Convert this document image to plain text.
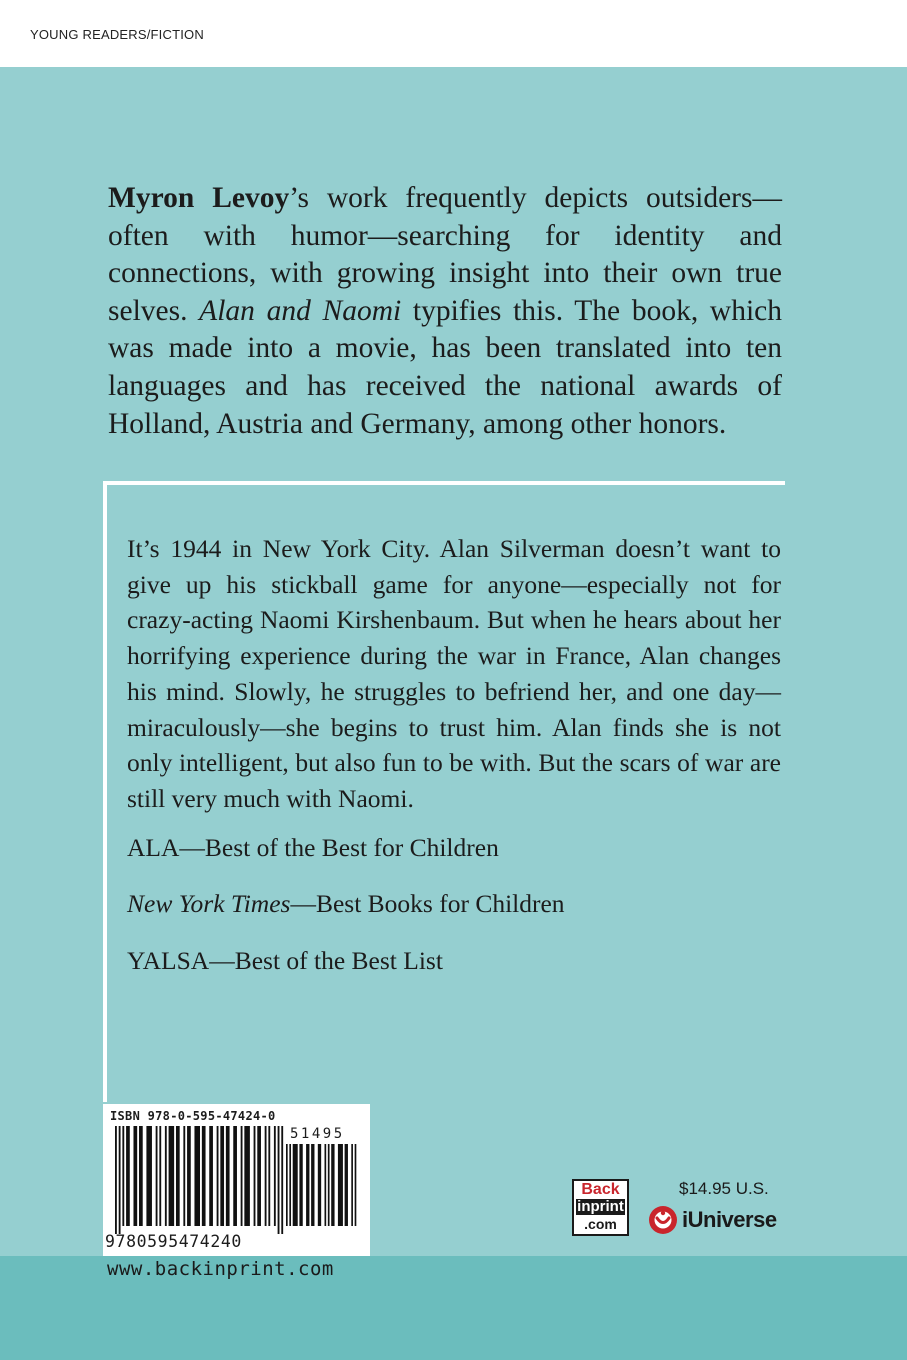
YOUNG READERS/FICTION

Myron Levoy’s work frequently depicts outsiders—often with humor—searching for identity and connections, with growing insight into their own true selves. Alan and Naomi typifies this. The book, which was made into a movie, has been translated into ten languages and has received the national awards of Holland, Austria and Germany, among other honors.

It’s 1944 in New York City. Alan Silverman doesn’t want to give up his stickball game for anyone—especially not for crazy-acting Naomi Kirshenbaum. But when he hears about her horrifying experience during the war in France, Alan changes his mind. Slowly, he struggles to befriend her, and one day—miraculously—she begins to trust him. Alan finds she is not only intelligent, but also fun to be with. But the scars of war are still very much with Naomi.

ALA—Best of the Best for Children

New York Times—Best Books for Children

YALSA—Best of the Best List

ISBN 978-0-595-47424-0
51495
9780595474240
www.backinprint.com
Back
inprint
.com
$14.95 U.S.
iUniverse
